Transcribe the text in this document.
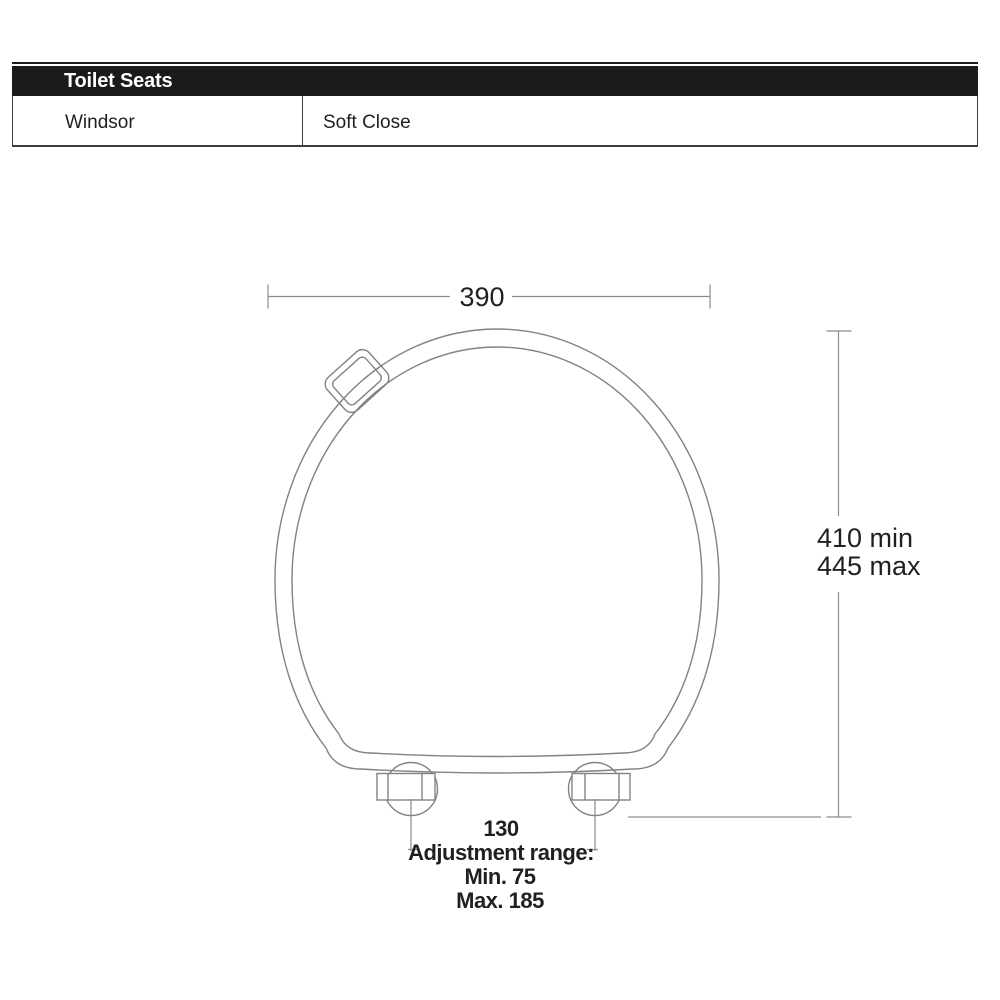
Toilet Seats
Windsor	Soft Close
390
410 min
445 max
130
Adjustment range:
Min. 75
Max. 185
